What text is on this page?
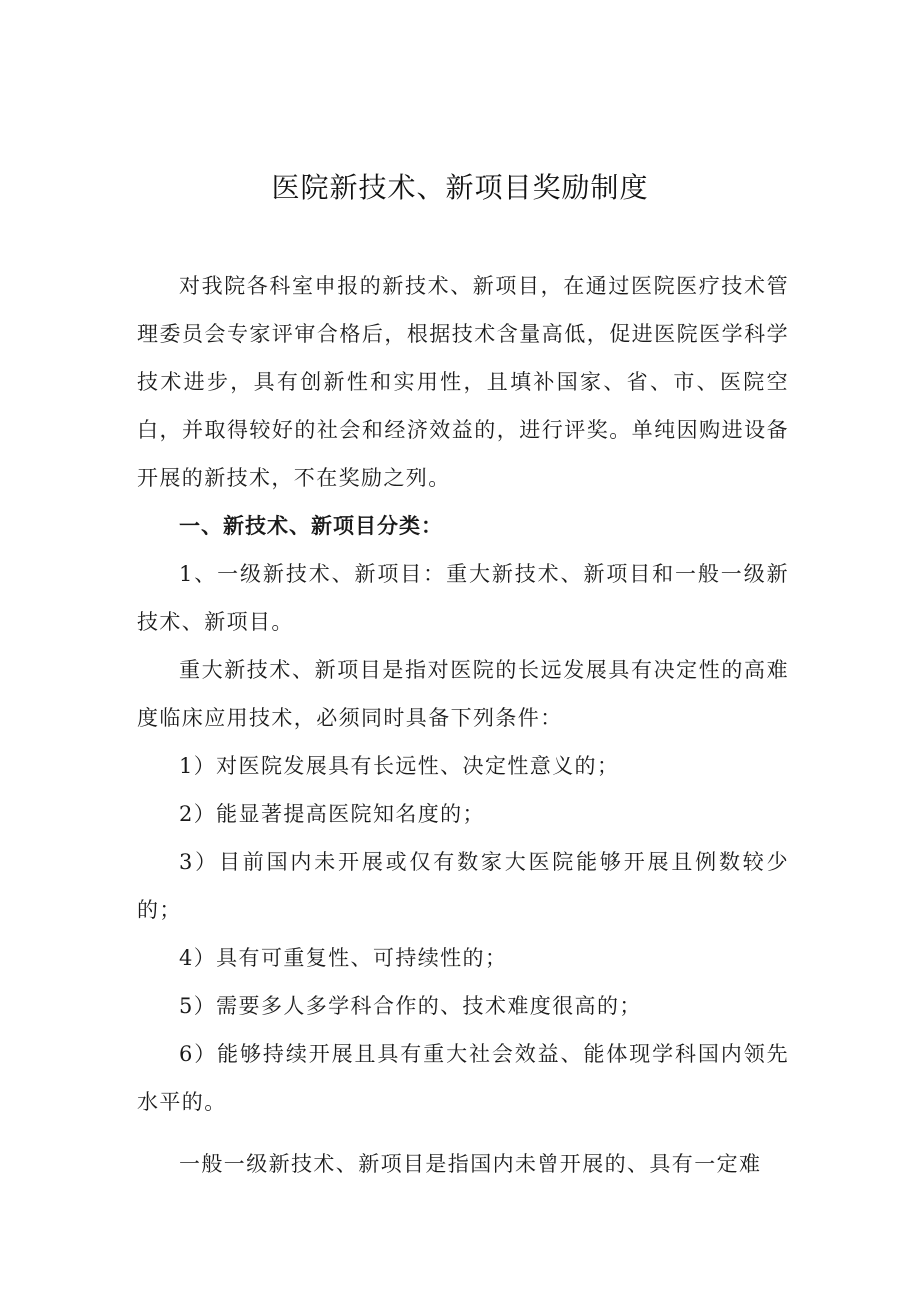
医院新技术、新项目奖励制度

对我院各科室申报的新技术、新项目，在通过医院医疗技术管理委员会专家评审合格后，根据技术含量高低，促进医院医学科学技术进步，具有创新性和实用性，且填补国家、省、市、医院空白，并取得较好的社会和经济效益的，进行评奖。单纯因购进设备开展的新技术，不在奖励之列。

一、新技术、新项目分类：

1、一级新技术、新项目：重大新技术、新项目和一般一级新技术、新项目。

重大新技术、新项目是指对医院的长远发展具有决定性的高难度临床应用技术，必须同时具备下列条件：

1）对医院发展具有长远性、决定性意义的；

2）能显著提高医院知名度的；

3）目前国内未开展或仅有数家大医院能够开展且例数较少的；

4）具有可重复性、可持续性的；

5）需要多人多学科合作的、技术难度很高的；

6）能够持续开展且具有重大社会效益、能体现学科国内领先水平的。

一般一级新技术、新项目是指国内未曾开展的、具有一定难
